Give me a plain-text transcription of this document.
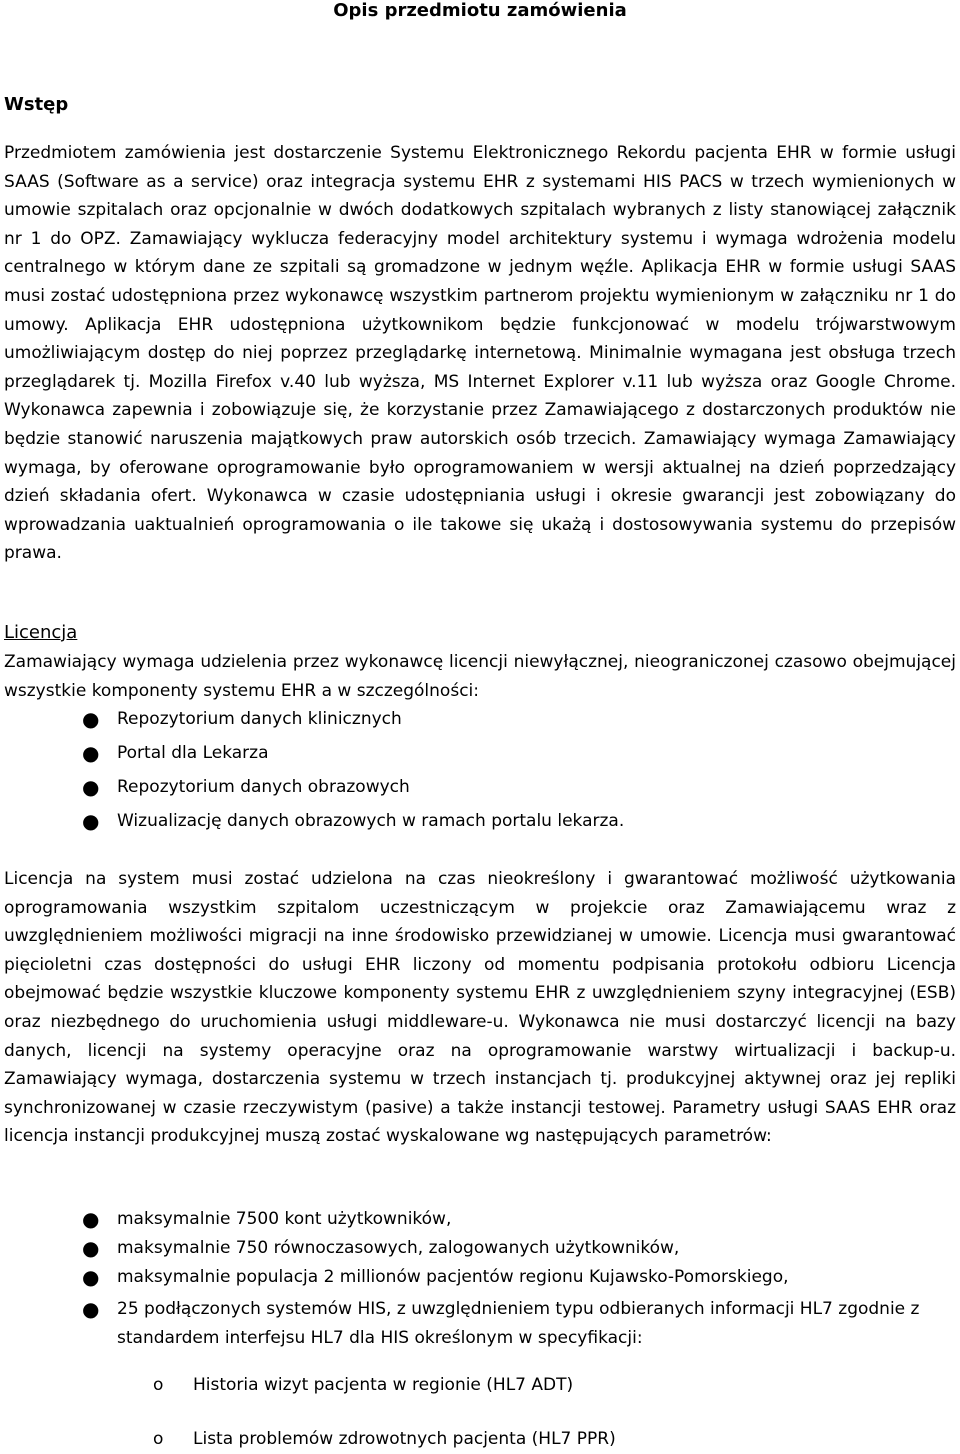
Opis przedmiotu zamówienia
Wstęp

Przedmiotem zamówienia jest dostarczenie Systemu Elektronicznego Rekordu pacjenta EHR w formie usługi SAAS (Software as a service) oraz integracja systemu EHR z systemami HIS PACS w trzech wymienionych w umowie szpitalach oraz opcjonalnie w dwóch dodatkowych szpitalach wybranych z listy stanowiącej załącznik nr 1 do OPZ. Zamawiający wyklucza federacyjny model architektury systemu i wymaga wdrożenia modelu centralnego w którym dane ze szpitali są gromadzone w jednym węźle. Aplikacja EHR w formie usługi SAAS musi zostać udostępniona przez wykonawcę wszystkim partnerom projektu wymienionym w załączniku nr 1 do umowy. Aplikacja EHR udostępniona użytkownikom będzie funkcjonować w modelu trójwarstwowym umożliwiającym dostęp do niej poprzez przeglądarkę internetową. Minimalnie wymagana jest obsługa trzech przeglądarek tj. Mozilla Firefox v.40 lub wyższa, MS Internet Explorer v.11 lub wyższa oraz Google Chrome. Wykonawca zapewnia i zobowiązuje się, że korzystanie przez Zamawiającego z dostarczonych produktów nie będzie stanowić naruszenia majątkowych praw autorskich osób trzecich. Zamawiający wymaga Zamawiający wymaga, by oferowane oprogramowanie było oprogramowaniem w wersji aktualnej na dzień poprzedzający dzień składania ofert. Wykonawca w czasie udostępniania usługi i okresie gwarancji jest zobowiązany do wprowadzania uaktualnień oprogramowania o ile takowe się ukażą i dostosowywania systemu do przepisów prawa.

Licencja

Zamawiający wymaga udzielenia przez wykonawcę licencji niewyłącznej, nieograniczonej czasowo obejmującej wszystkie komponenty systemu EHR a w szczególności:

● Repozytorium danych klinicznych
● Portal dla Lekarza
● Repozytorium danych obrazowych
● Wizualizację danych obrazowych w ramach portalu lekarza.

Licencja na system musi zostać udzielona na czas nieokreślony i gwarantować możliwość użytkowania oprogramowania wszystkim szpitalom uczestniczącym w projekcie oraz Zamawiającemu wraz z uwzględnieniem możliwości migracji na inne środowisko przewidzianej w umowie. Licencja musi gwarantować pięcioletni czas dostępności do usługi EHR liczony od momentu podpisania protokołu odbioru Licencja obejmować będzie wszystkie kluczowe komponenty systemu EHR z uwzględnieniem szyny integracyjnej (ESB) oraz niezbędnego do uruchomienia usługi middleware-u. Wykonawca nie musi dostarczyć licencji na bazy danych, licencji na systemy operacyjne oraz na oprogramowanie warstwy wirtualizacji i backup-u. Zamawiający wymaga, dostarczenia systemu w trzech instancjach tj. produkcyjnej aktywnej oraz jej repliki synchronizowanej w czasie rzeczywistym (pasive) a także instancji testowej. Parametry usługi SAAS EHR oraz licencja instancji produkcyjnej muszą zostać wyskalowane wg następujących parametrów:

● maksymalnie 7500 kont użytkowników,
● maksymalnie 750 równoczasowych, zalogowanych użytkowników,
● maksymalnie populacja 2 millionów pacjentów regionu Kujawsko-Pomorskiego,
● 25 podłączonych systemów HIS, z uwzględnieniem typu odbieranych informacji HL7 zgodnie z standardem interfejsu HL7 dla HIS określonym w specyfikacji:
o Historia wizyt pacjenta w regionie (HL7 ADT)
o Lista problemów zdrowotnych pacjenta (HL7 PPR)
